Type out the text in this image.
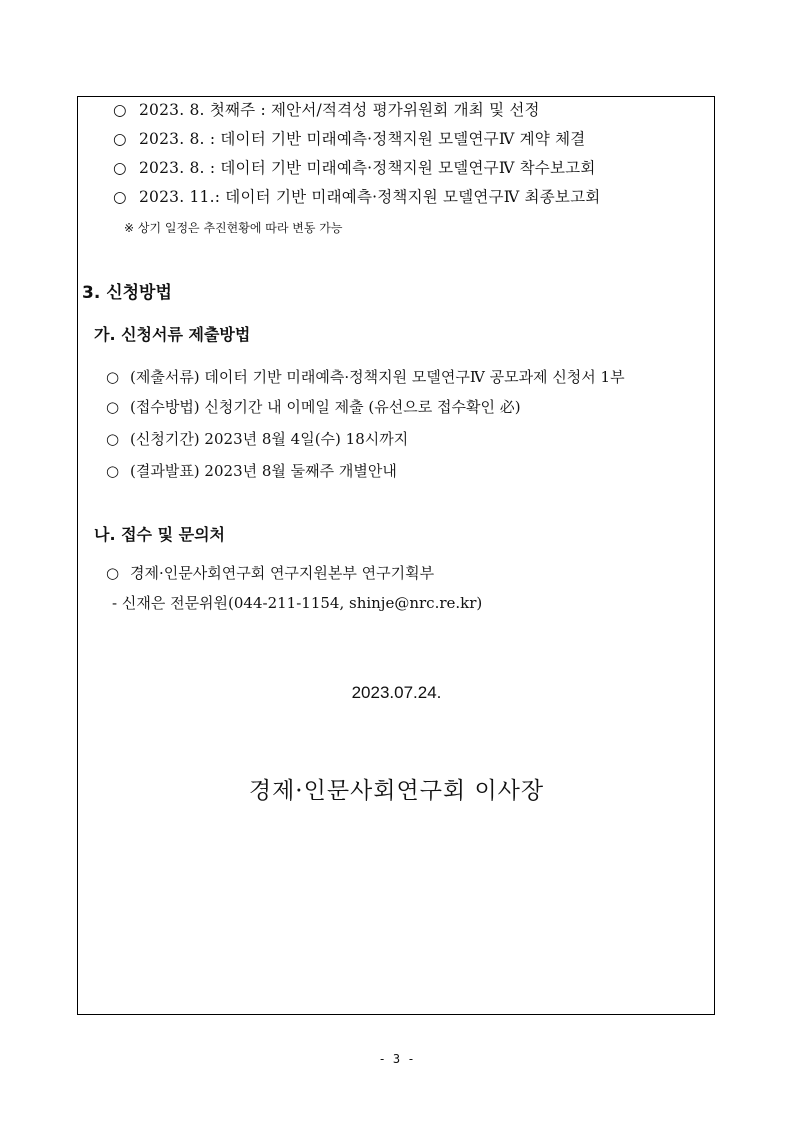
○ 2023. 8. 첫째주 : 제안서/적격성 평가위원회 개최 및 선정
○ 2023. 8. : 데이터 기반 미래예측·정책지원 모델연구Ⅳ 계약 체결
○ 2023. 8. : 데이터 기반 미래예측·정책지원 모델연구Ⅳ 착수보고회
○ 2023. 11.: 데이터 기반 미래예측·정책지원 모델연구Ⅳ 최종보고회
※ 상기 일정은 추진현황에 따라 변동 가능
3. 신청방법
가. 신청서류 제출방법
○ (제출서류) 데이터 기반 미래예측·정책지원 모델연구Ⅳ 공모과제 신청서 1부
○ (접수방법) 신청기간 내 이메일 제출 (유선으로 접수확인 必)
○ (신청기간) 2023년 8월 4일(수) 18시까지
○ (결과발표) 2023년 8월 둘째주 개별안내
나. 접수 및 문의처
○ 경제·인문사회연구회 연구지원본부 연구기획부
- 신재은 전문위원(044-211-1154, shinje@nrc.re.kr)
2023.07.24.
경제·인문사회연구회 이사장
- 3 -
